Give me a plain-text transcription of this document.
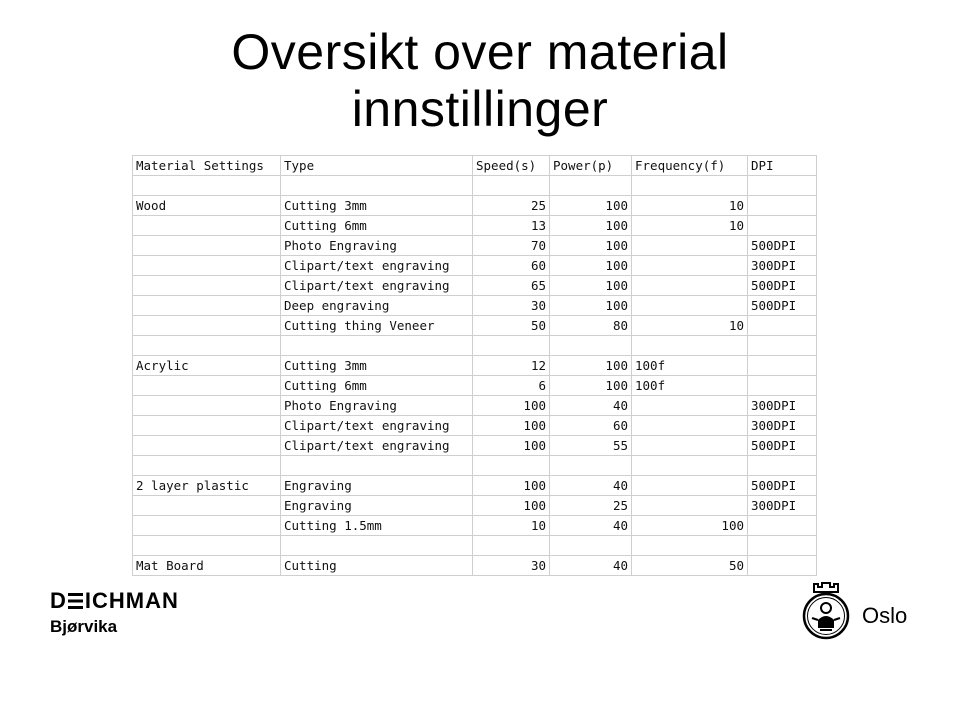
Oversikt over material
innstillinger
Material Settings	Type	Speed(s)	Power(p)	Frequency(f)	DPI

Wood	Cutting 3mm	25	100	10	
	Cutting 6mm	13	100	10	
	Photo Engraving	70	100		500DPI
	Clipart/text engraving	60	100		300DPI
	Clipart/text engraving	65	100		500DPI
	Deep engraving	30	100		500DPI
	Cutting thing Veneer	50	80	10	

Acrylic	Cutting 3mm	12	100	100f	
	Cutting 6mm	6	100	100f	
	Photo Engraving	100	40		300DPI
	Clipart/text engraving	100	60		300DPI
	Clipart/text engraving	100	55		500DPI

2 layer plastic	Engraving	100	40		500DPI
	Engraving	100	25		300DPI
	Cutting 1.5mm	10	40	100	

Mat Board	Cutting	30	40	50	
D ICHMAN
Bjørvika	Oslo
